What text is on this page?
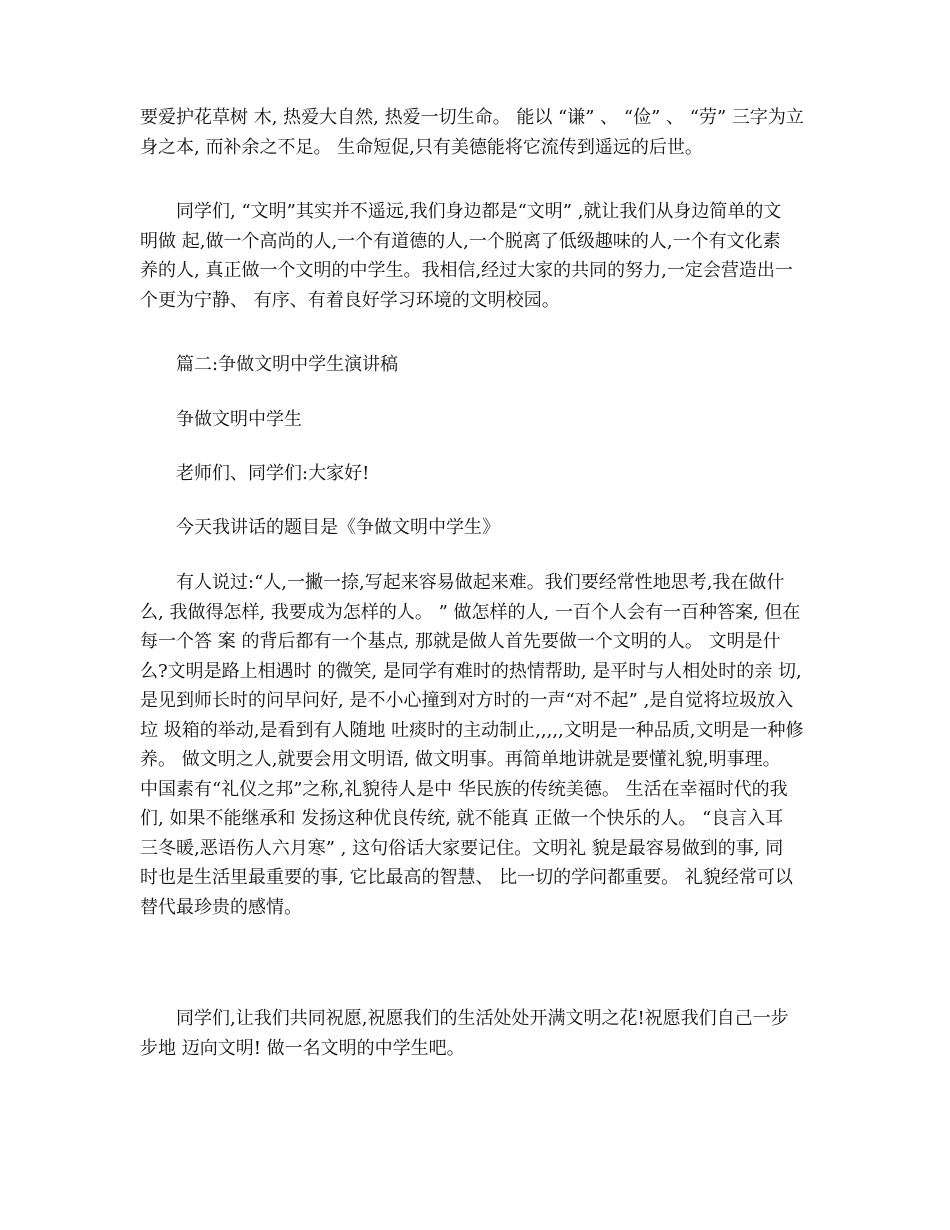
要爱护花草树 木, 热爱大自然, 热爱一切生命。 能以 “谦” 、 “俭” 、 “劳” 三字为立
身之本, 而补余之不足。 生命短促,只有美德能将它流传到遥远的后世。
同学们, “文明”其实并不遥远,我们身边都是“文明” ,就让我们从身边简单的文
明做 起,做一个高尚的人,一个有道德的人,一个脱离了低级趣味的人,一个有文化素
养的人, 真正做一个文明的中学生。我相信,经过大家的共同的努力,一定会营造出一
个更为宁静、 有序、有着良好学习环境的文明校园。
篇二:争做文明中学生演讲稿
争做文明中学生
老师们、同学们:大家好!
今天我讲话的题目是《争做文明中学生》
有人说过:“人,一撇一捺,写起来容易做起来难。我们要经常性地思考,我在做什
么, 我做得怎样, 我要成为怎样的人。 ” 做怎样的人, 一百个人会有一百种答案, 但在
每一个答 案 的背后都有一个基点, 那就是做人首先要做一个文明的人。 文明是什
么?文明是路上相遇时 的微笑, 是同学有难时的热情帮助, 是平时与人相处时的亲 切,
是见到师长时的问早问好, 是不小心撞到对方时的一声“对不起” ,是自觉将垃圾放入
垃 圾箱的举动,是看到有人随地 吐痰时的主动制止,,,,,文明是一种品质,文明是一种修
养。 做文明之人,就要会用文明语, 做文明事。再简单地讲就是要懂礼貌,明事理。
中国素有“礼仪之邦”之称,礼貌待人是中 华民族的传统美德。 生活在幸福时代的我
们, 如果不能继承和 发扬这种优良传统, 就不能真 正做一个快乐的人。 “良言入耳
三冬暖,恶语伤人六月寒” , 这句俗话大家要记住。文明礼 貌是最容易做到的事, 同
时也是生活里最重要的事, 它比最高的智慧、 比一切的学问都重要。 礼貌经常可以
替代最珍贵的感情。
同学们,让我们共同祝愿,祝愿我们的生活处处开满文明之花!祝愿我们自己一步
步地 迈向文明! 做一名文明的中学生吧。
